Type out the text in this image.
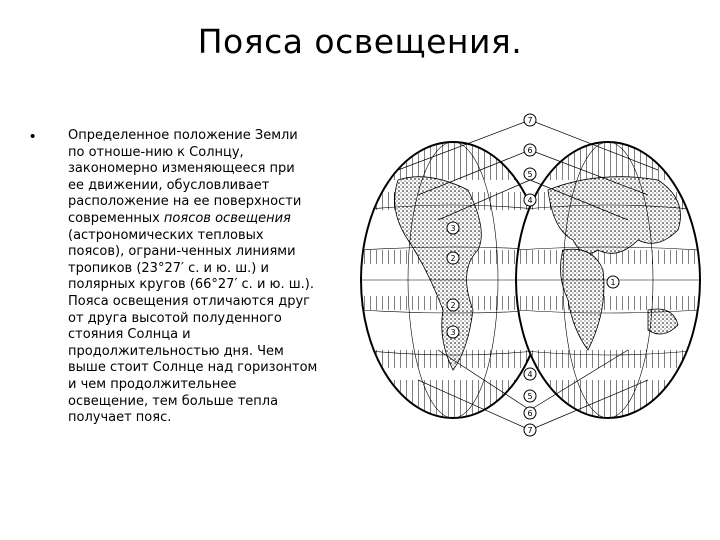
Пояса освещения.
•	Определенное положение Земли
по отноше-нию к Солнцу,
закономерно изменяющееся при
ее движении, обусловливает
расположение на ее поверхности
современных поясов освещения
(астрономических тепловых
поясов), ограни-ченных линиями
тропиков (23°27′ с. и ю. ш.) и
полярных кругов (66°27′ с. и ю. ш.).
Пояса освещения отличаются друг
от друга высотой полуденного
стояния Солнца и
продолжительностью дня. Чем
выше стоит Солнце над горизонтом
и чем продолжительнее
освещение, тем больше тепла
получает пояс.
7
6
5
4
3
2
1
2
3
4
5
6
7
